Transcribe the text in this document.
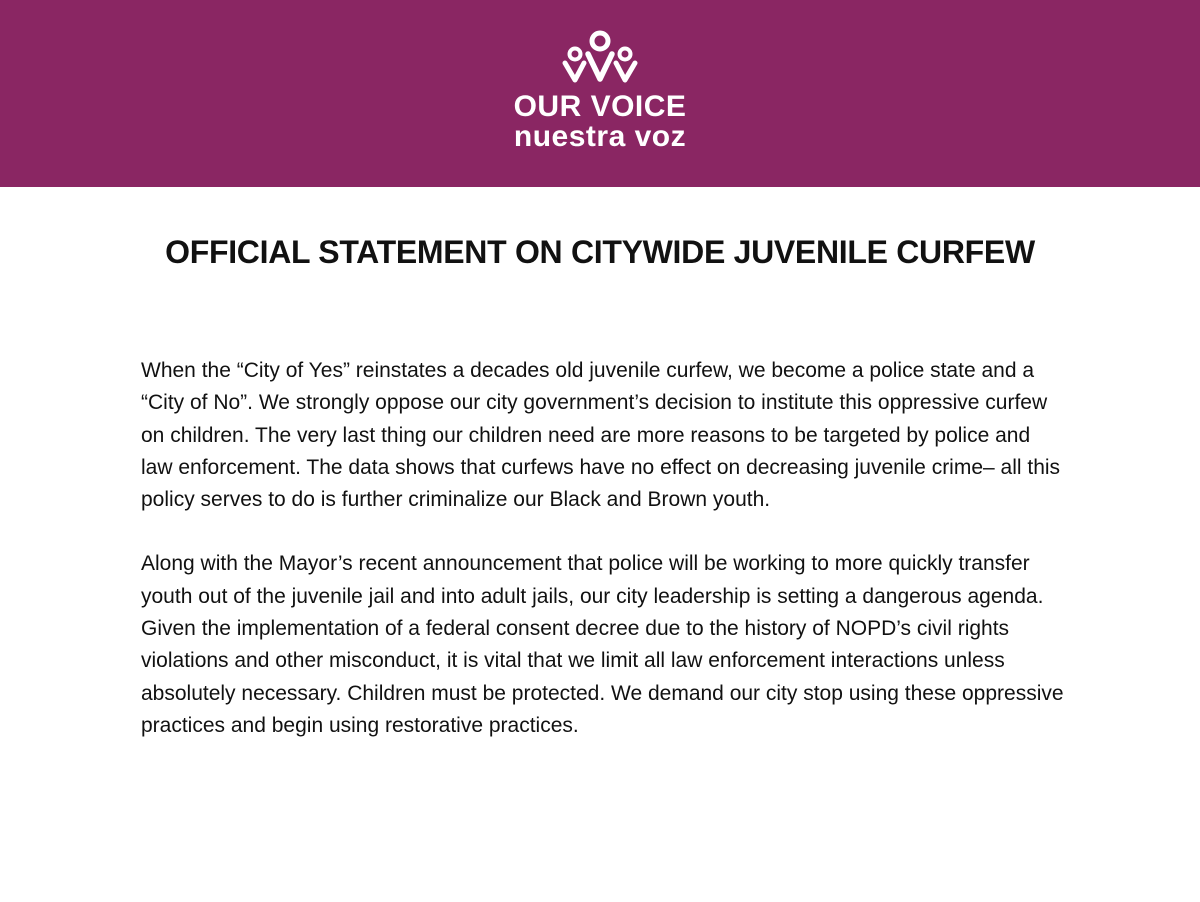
OUR VOICE
nuestra voz
OFFICIAL STATEMENT ON CITYWIDE JUVENILE CURFEW

When the “City of Yes” reinstates a decades old juvenile curfew, we become a police state and a “City of No”. We strongly oppose our city government’s decision to institute this oppressive curfew on children. The very last thing our children need are more reasons to be targeted by police and law enforcement. The data shows that curfews have no effect on decreasing juvenile crime– all this policy serves to do is further criminalize our Black and Brown youth.

Along with the Mayor’s recent announcement that police will be working to more quickly transfer youth out of the juvenile jail and into adult jails, our city leadership is setting a dangerous agenda. Given the implementation of a federal consent decree due to the history of NOPD’s civil rights violations and other misconduct, it is vital that we limit all law enforcement interactions unless absolutely necessary. Children must be protected. We demand our city stop using these oppressive practices and begin using restorative practices.
